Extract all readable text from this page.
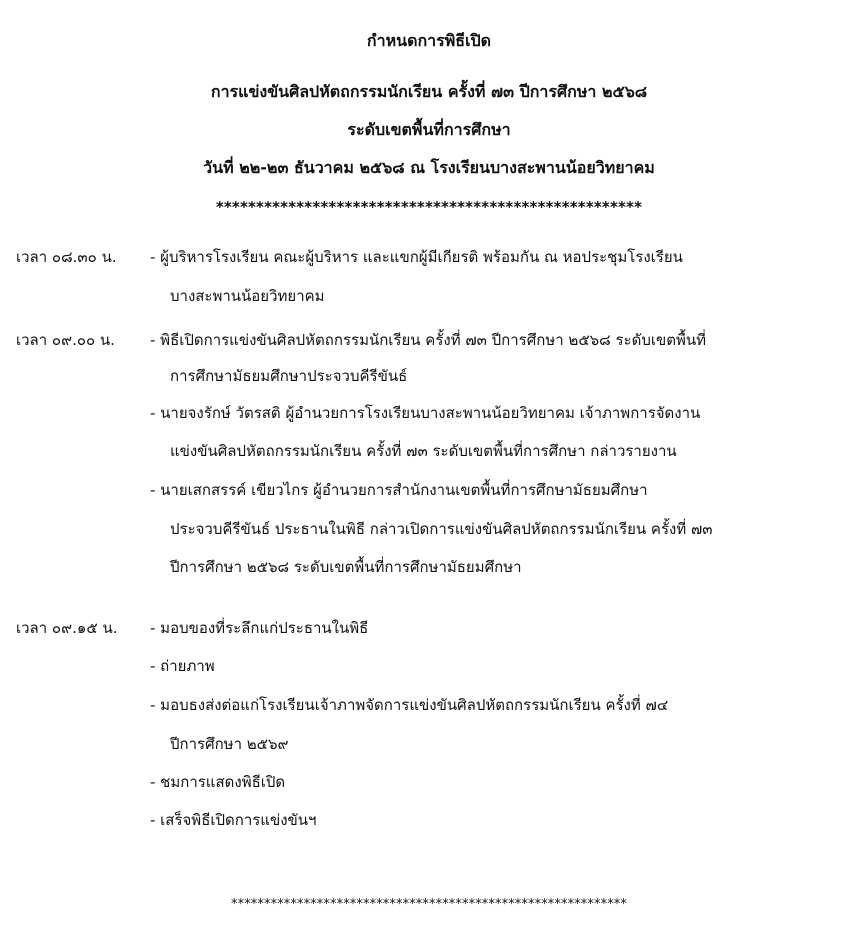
กำหนดการพิธีเปิด
การแข่งขันศิลปหัตถกรรมนักเรียน ครั้งที่ ๗๓ ปีการศึกษา ๒๕๖๘
ระดับเขตพื้นที่การศึกษา
วันที่ ๒๒-๒๓ ธันวาคม ๒๕๖๘ ณ โรงเรียนบางสะพานน้อยวิทยาคม
*****************************************************
เวลา ๐๘.๓๐ น. - ผู้บริหารโรงเรียน คณะผู้บริหาร และแขกผู้มีเกียรติ พร้อมกัน ณ หอประชุมโรงเรียน
บางสะพานน้อยวิทยาคม
เวลา ๐๙.๐๐ น. - พิธีเปิดการแข่งขันศิลปหัตถกรรมนักเรียน ครั้งที่ ๗๓ ปีการศึกษา ๒๕๖๘ ระดับเขตพื้นที่
การศึกษามัธยมศึกษาประจวบคีรีขันธ์
- นายจงรักษ์ วัตรสติ ผู้อำนวยการโรงเรียนบางสะพานน้อยวิทยาคม เจ้าภาพการจัดงาน
แข่งขันศิลปหัตถกรรมนักเรียน ครั้งที่ ๗๓ ระดับเขตพื้นที่การศึกษา กล่าวรายงาน
- นายเสกสรรค์ เขียวไกร ผู้อำนวยการสำนักงานเขตพื้นที่การศึกษามัธยมศึกษา
ประจวบคีรีขันธ์ ประธานในพิธี กล่าวเปิดการแข่งขันศิลปหัตถกรรมนักเรียน ครั้งที่ ๗๓
ปีการศึกษา ๒๕๖๘ ระดับเขตพื้นที่การศึกษามัธยมศึกษา
เวลา ๐๙.๑๕ น. - มอบของที่ระลึกแก่ประธานในพิธี
- ถ่ายภาพ
- มอบธงส่งต่อแก่โรงเรียนเจ้าภาพจัดการแข่งขันศิลปหัตถกรรมนักเรียน ครั้งที่ ๗๔
ปีการศึกษา ๒๕๖๙
- ชมการแสดงพิธีเปิด
- เสร็จพิธีเปิดการแข่งขันฯ
************************************************************
